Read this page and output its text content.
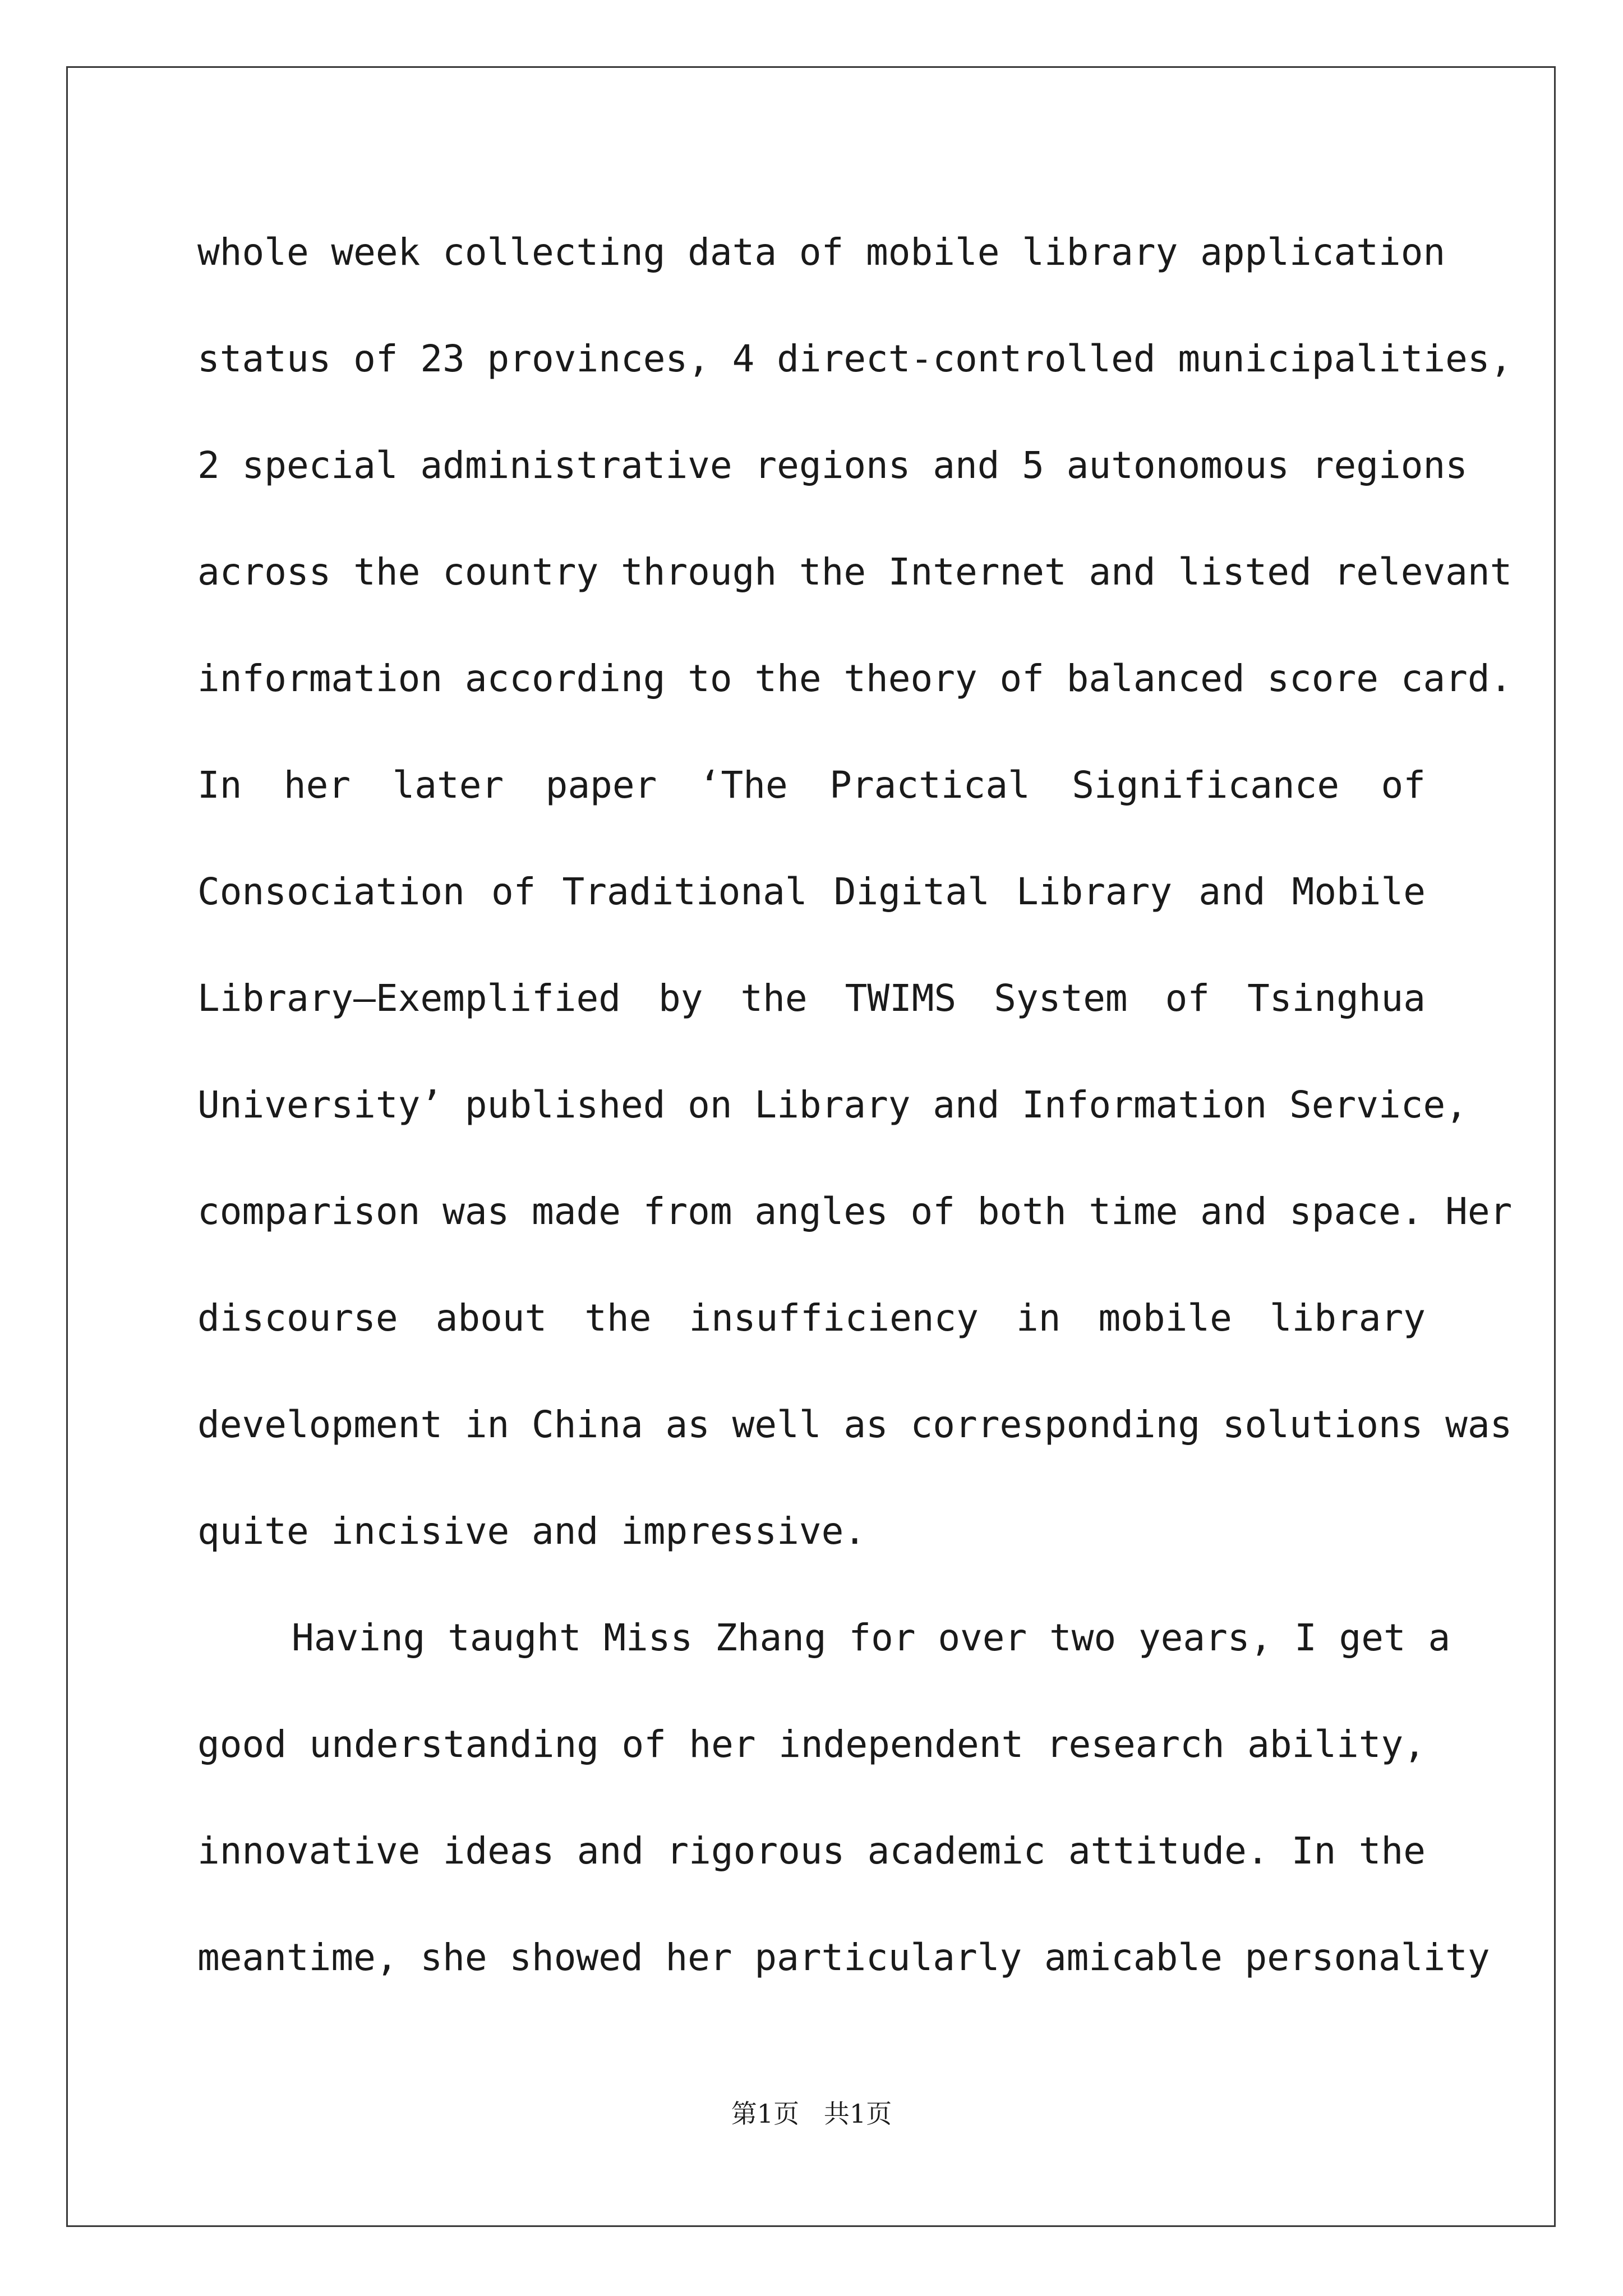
whole week collecting data of mobile library application
status of 23 provinces, 4 direct-controlled municipalities,
2 special administrative regions and 5 autonomous regions
across the country through the Internet and listed relevant
information according to the theory of balanced score card.
In her later paper ‘The Practical Significance of
Consociation of Traditional Digital Library and Mobile
Library—Exemplified by the TWIMS System of Tsinghua
University’ published on Library and Information Service,
comparison was made from angles of both time and space. Her
discourse about the insufficiency in mobile library
development in China as well as corresponding solutions was
quite incisive and impressive.
Having taught Miss Zhang for over two years, I get a
good understanding of her independent research ability,
innovative ideas and rigorous academic attitude. In the
meantime, she showed her particularly amicable personality
第1页   共1页
